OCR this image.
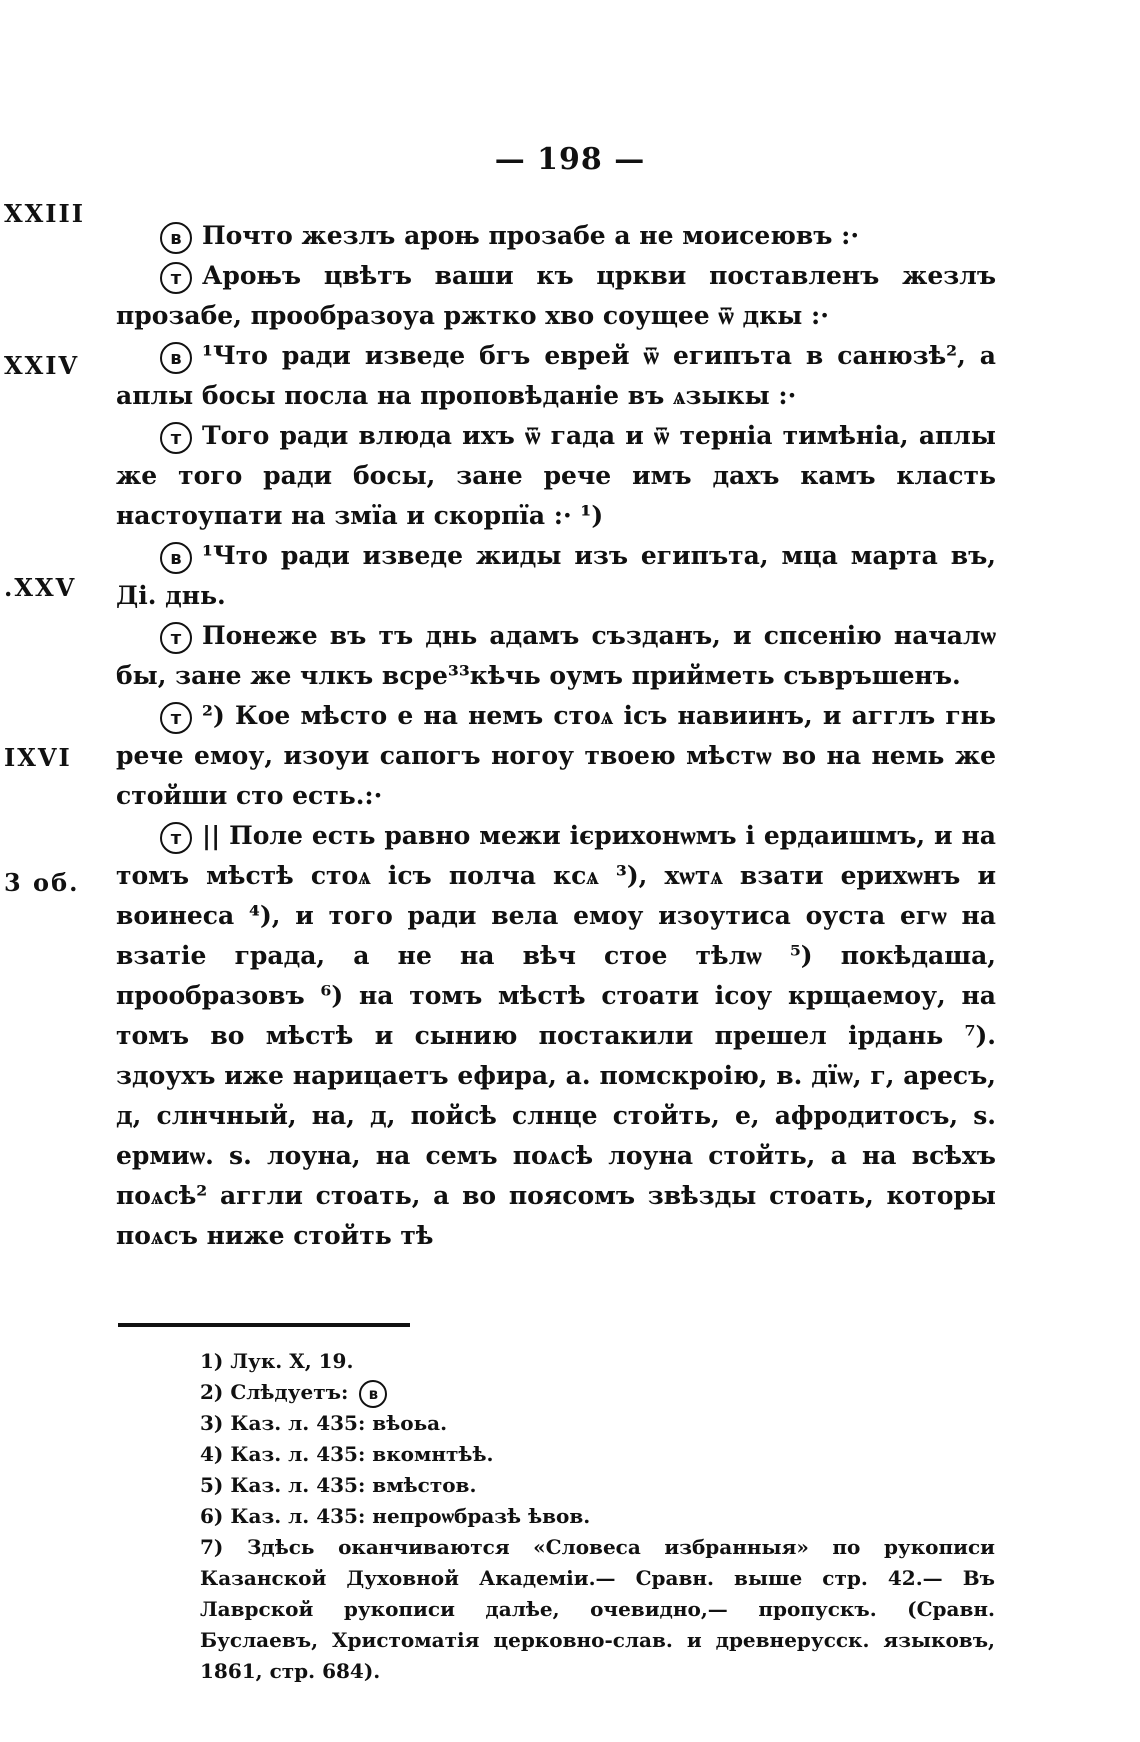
— 198 —
XXIII
XXIV
.XXV
ΙXVΙ
3 об.

в Почто жезлъ ароњ прозабе а не моисеювъ :·

т Ароњъ цвѣтъ ваши къ цркви поставленъ жезлъ прозабе, прообразоуа ржтко хво соущее ѿ дкы :·

в ¹Что ради изведе бгъ еврей ѿ египъта в санюзѣ², а аплы босы посла на проповѣданіе въ ѧзыкы :·

т Того ради влюда ихъ ѿ гада и ѿ терніа тимѣніа, аплы же того ради босы, зане рече имъ дахъ камъ класть настоупати на змїа и скорпїа :· ¹)

в ¹Что ради изведе жиды изъ египъта, мца марта въ, Ді. днь.

т Понеже въ тъ днь адамъ създанъ, и спсенію началѡ бы, зане же члкъ всре³³кѣчь оумъ прийметь съвръшенъ.

т ²) Кое мѣсто е на немъ стоѧ ісъ навиинъ, и агглъ гнь рече емоу, изоуи сапогъ ногоу твоею мѣстѡ во на немь же стойши сто есть.:·

т || Поле есть равно межи ієрихонѡмъ і ердаишмъ, и на томъ мѣстѣ стоѧ ісъ полча ксѧ ³), хѡтѧ взати ерихѡнъ и воинеса ⁴), и того ради вела емоу изоутиса оуста егѡ на взатіе града, а не на вѣч стое тѣлѡ ⁵) покѣдаша, прообразовъ ⁶) на томъ мѣстѣ стоати ісоу крщаемоу, на томъ во мѣстѣ и сынию постакили прешел ірдань ⁷). здоухъ иже нарицаетъ ефира, а. помскроію, в. дїѡ, г, аресъ, д, слнчный, на, д, пойсѣ слнце стойть, е, афродитосъ, ѕ. ермиѡ. ѕ. лоуна, на семъ поѧсѣ лоуна стойть, а на всѣхъ поѧсѣ² аггли стоать, а во поясомъ звѣзды стоать, которы поѧсъ ниже стойть тѣ

1) Лук. X, 19.

2) Слѣдуетъ: в

3) Каз. л. 435: вѣоьа.

4) Каз. л. 435: вкомнтѣѣ.

5) Каз. л. 435: вмѣстов.

6) Каз. л. 435: непроѡбразѣ ѣвов.

7) Здѣсь оканчиваются «Словеса избранныя» по рукописи Казанской Духовной Академіи.— Сравн. выше стр. 42.— Въ Лаврской рукописи далѣе, очевидно,— пропускъ. (Сравн. Буслаевъ, Христоматія церковно-слав. и древнерусск. языковъ, 1861, стр. 684).
